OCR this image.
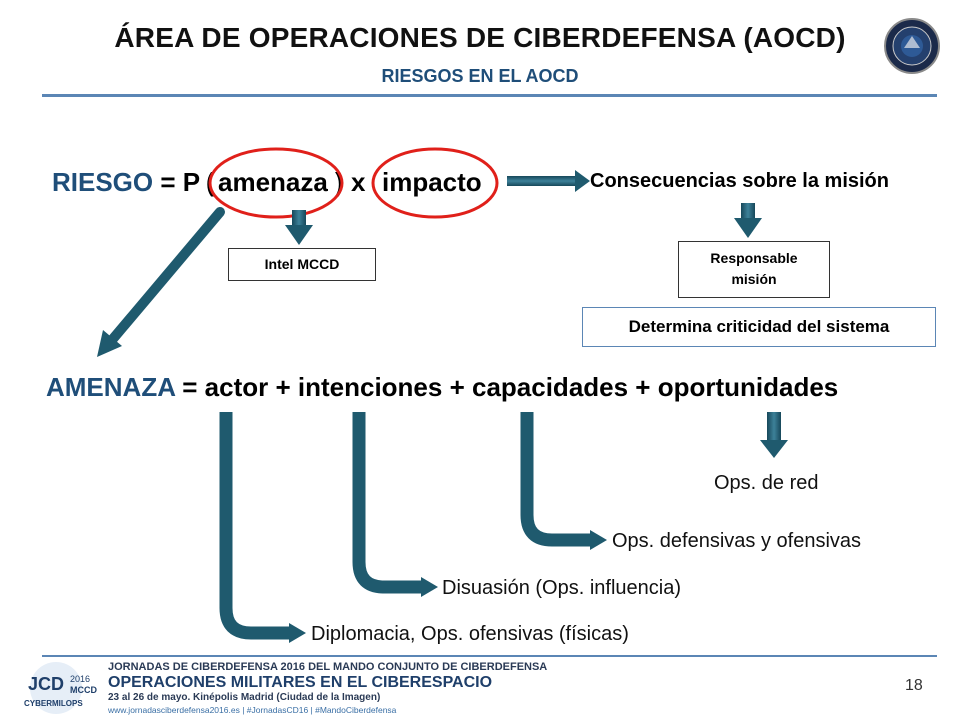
ÁREA DE OPERACIONES DE CIBERDEFENSA (AOCD)
RIESGOS EN EL AOCD
RIESGO = P ( amenaza ) x impacto	Consecuencias sobre la misión
Intel MCCD	Responsable
misión
Determina criticidad del sistema
AMENAZA = actor + intenciones + capacidades + oportunidades
Ops. de red
Ops. defensivas y ofensivas
Disuasión (Ops. influencia)
Diplomacia, Ops. ofensivas (físicas)
JCD 2016
MCCD
CYBERMILOPS
JORNADAS DE CIBERDEFENSA 2016 DEL MANDO CONJUNTO DE CIBERDEFENSA
OPERACIONES MILITARES EN EL CIBERESPACIO
23 al 26 de mayo. Kinépolis Madrid (Ciudad de la Imagen)
www.jornadasciberdefensa2016.es | #JornadasCD16 | #MandoCiberdefensa
18
